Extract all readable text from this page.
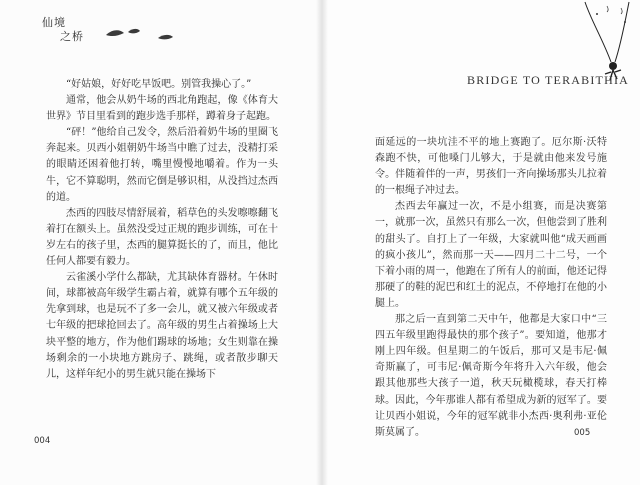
仙境
之桥

“好姑娘，好好吃早饭吧。别管我操心了。”

通常，他会从奶牛场的西北角跑起，像《体育大世界》节目里看到的跑步选手那样，蹲着身子起跑。

“砰！”他给自己发令，然后沿着奶牛场的里圈飞奔起来。贝西小姐朝奶牛场当中瞧了过去，没精打采的眼睛还困着他打转，嘴里慢慢地嚼着。作为一头牛，它不算聪明，然而它倒是够识相，从没挡过杰西的道。

杰西的四肢尽情舒展着，稻草色的头发嚓嚓翻飞着打在额头上。虽然没受过正规的跑步训练，可在十岁左右的孩子里，杰西的腿算挺长的了，而且，他比任何人都要有毅力。

云雀溪小学什么都缺，尤其缺体育器材。午休时间，球都被高年级学生霸占着，就算有哪个五年级的先拿到球，也是玩不了多一会儿，就又被六年级或者七年级的把球抢回去了。高年级的男生占着操场上大块平整的地方，作为他们踢球的场地；女生则靠在操场剩余的一小块地方跳房子、跳绳，或者散步聊天儿，这样年纪小的男生就只能在操场下

004
BRIDGE TO TERABITHIA

面延远的一块坑洼不平的地上赛跑了。厄尔斯·沃特森跑不快，可他嗓门儿够大，于是就由他来发号施令。伴随着伴的一声，男孩们一齐向操场那头儿拉着的一根绳子冲过去。

杰西去年赢过一次，不是小组赛，而是决赛第一，就那一次，虽然只有那么一次，但他尝到了胜利的甜头了。自打上了一年级，大家就叫他“成天画画的疯小孩儿”，然而那一天——四月二十二号，一个下着小雨的周一，他跑在了所有人的前面，他还记得那硬了的鞋的泥巴和红土的泥点，不停地打在他的小腿上。

那之后一直到第二天中午，他都是大家口中“三四五年级里跑得最快的那个孩子”。要知道，他那才刚上四年级。但星期二的午饭后，那可又是韦尼·佩奇斯赢了，可韦尼·佩奇斯今年将升入六年级，他会跟其他那些大孩子一道，秋天玩橄榄球，春天打棒球。因此，今年那谁人都有希望成为新的冠军了。要让贝西小姐说，今年的冠军就非小杰西·奥利弗·亚伦斯莫属了。	005
